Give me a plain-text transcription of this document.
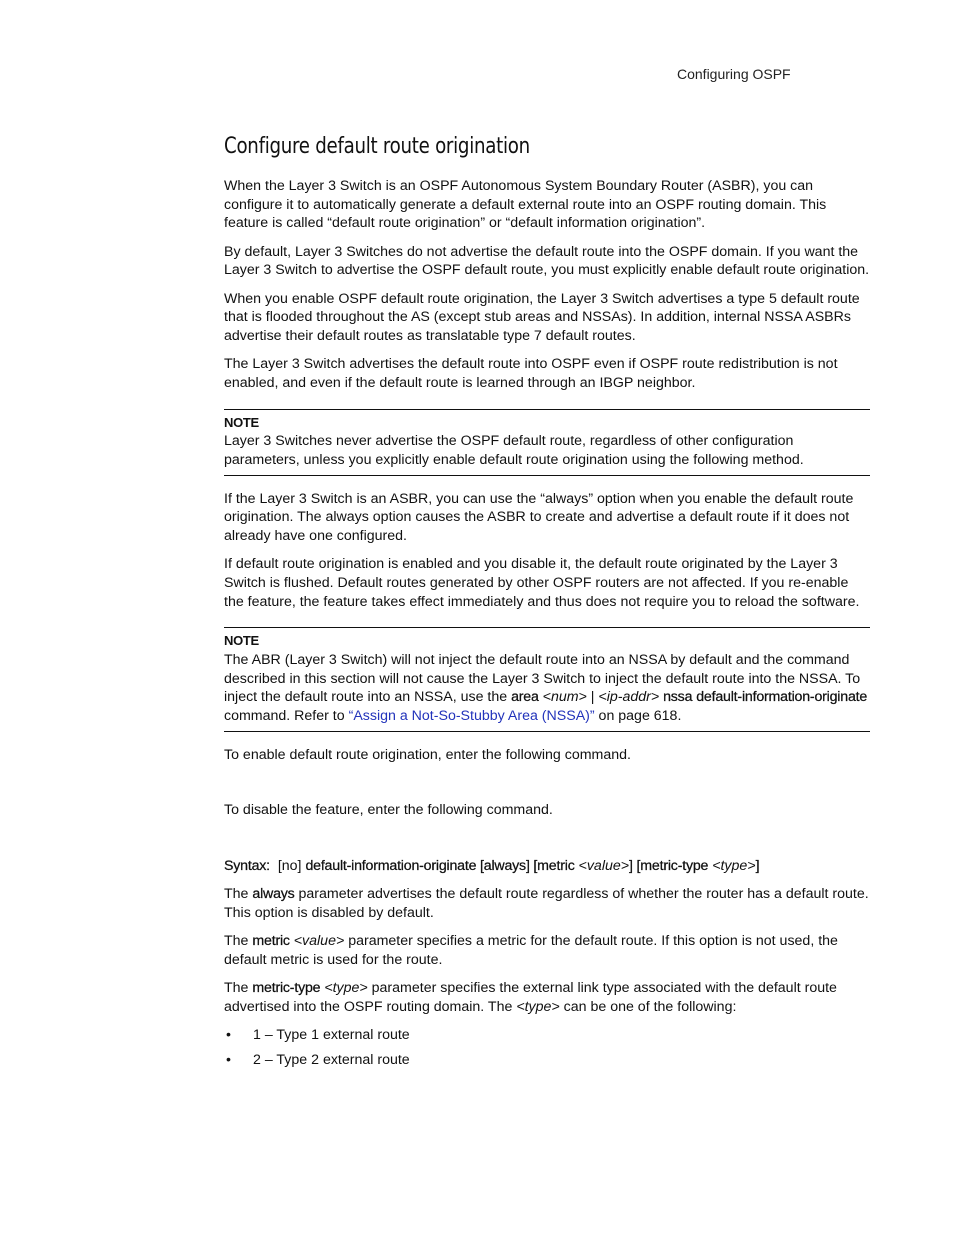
Configuring OSPF
Configure default route origination

When the Layer 3 Switch is an OSPF Autonomous System Boundary Router (ASBR), you can configure it to automatically generate a default external route into an OSPF routing domain. This feature is called “default route origination” or “default information origination”.

By default, Layer 3 Switches do not advertise the default route into the OSPF domain. If you want the Layer 3 Switch to advertise the OSPF default route, you must explicitly enable default route origination.

When you enable OSPF default route origination, the Layer 3 Switch advertises a type 5 default route that is flooded throughout the AS (except stub areas and NSSAs). In addition, internal NSSA ASBRs advertise their default routes as translatable type 7 default routes.

The Layer 3 Switch advertises the default route into OSPF even if OSPF route redistribution is not enabled, and even if the default route is learned through an IBGP neighbor.

NOTE

Layer 3 Switches never advertise the OSPF default route, regardless of other configuration parameters, unless you explicitly enable default route origination using the following method.

If the Layer 3 Switch is an ASBR, you can use the “always” option when you enable the default route origination. The always option causes the ASBR to create and advertise a default route if it does not already have one configured.

If default route origination is enabled and you disable it, the default route originated by the Layer 3 Switch is flushed. Default routes generated by other OSPF routers are not affected. If you re-enable the feature, the feature takes effect immediately and thus does not require you to reload the software.

NOTE

The ABR (Layer 3 Switch) will not inject the default route into an NSSA by default and the command described in this section will not cause the Layer 3 Switch to inject the default route into the NSSA. To inject the default route into an NSSA, use the area <num> | <ip-addr> nssa default-information-originate command. Refer to “Assign a Not-So-Stubby Area (NSSA)” on page 618.

To enable default route origination, enter the following command.

To disable the feature, enter the following command.

Syntax: [no] default-information-originate [always] [metric <value>] [metric-type <type>]

The always parameter advertises the default route regardless of whether the router has a default route. This option is disabled by default.

The metric <value> parameter specifies a metric for the default route. If this option is not used, the default metric is used for the route.

The metric-type <type> parameter specifies the external link type associated with the default route advertised into the OSPF routing domain. The <type> can be one of the following:

• 1 – Type 1 external route
• 2 – Type 2 external route
